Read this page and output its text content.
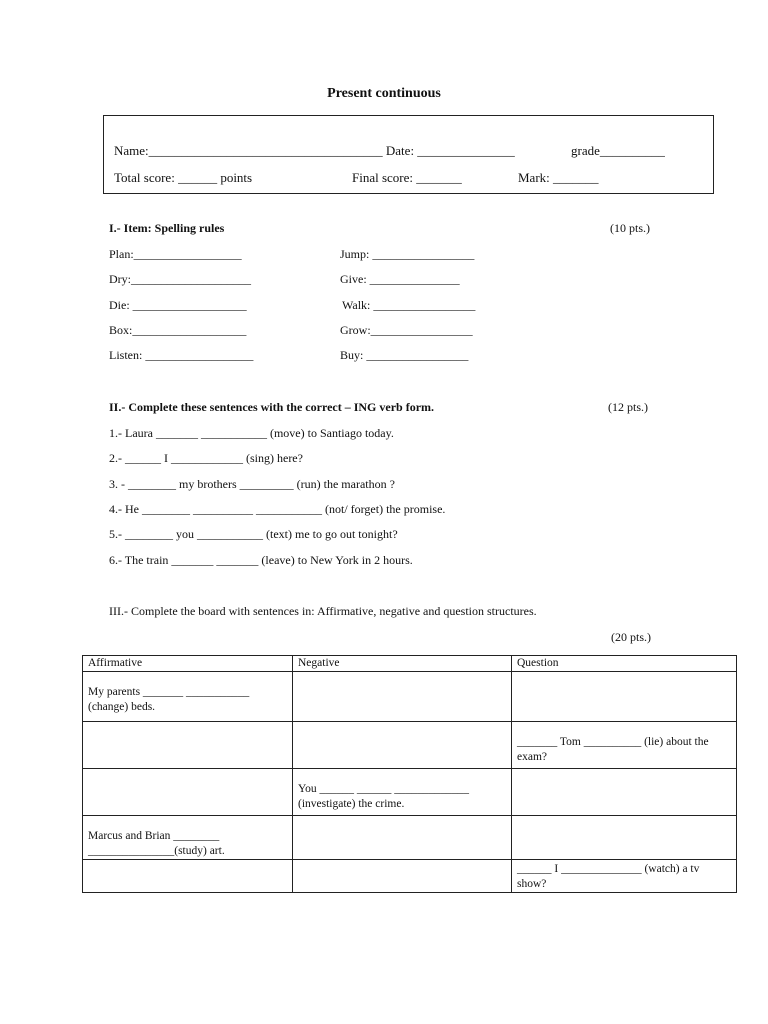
Present continuous
Name:____________________________________ Date: _______________	grade__________
Total score: ______ points	Final score: _______	Mark: _______
I.- Item: Spelling rules	(10 pts.)
Plan:__________________
Dry:____________________
Die: ___________________
Box:___________________
Listen: __________________
Jump: _________________
Give: _______________
Walk: _________________
Grow:_________________
Buy: _________________
II.- Complete these sentences with the correct – ING verb form.	(12 pts.)
1.- Laura _______ ___________ (move) to Santiago today.
2.- ______ I ____________ (sing) here?
3. - ________ my brothers _________ (run) the marathon ?
4.- He ________ __________ ___________ (not/ forget) the promise.
5.- ________ you ___________ (text) me to go out tonight?
6.- The train _______ _______ (leave) to New York in 2 hours.
III.- Complete the board with sentences in: Affirmative, negative and question structures.
(20 pts.)
Affirmative	Negative	Question
My parents _______ ___________ (change) beds.		
		_______ Tom __________ (lie) about the exam?
	You ______ ______ _____________ (investigate) the crime.	
Marcus and Brian ________ _______________(study) art.		
		______ I ______________ (watch) a tv show?
